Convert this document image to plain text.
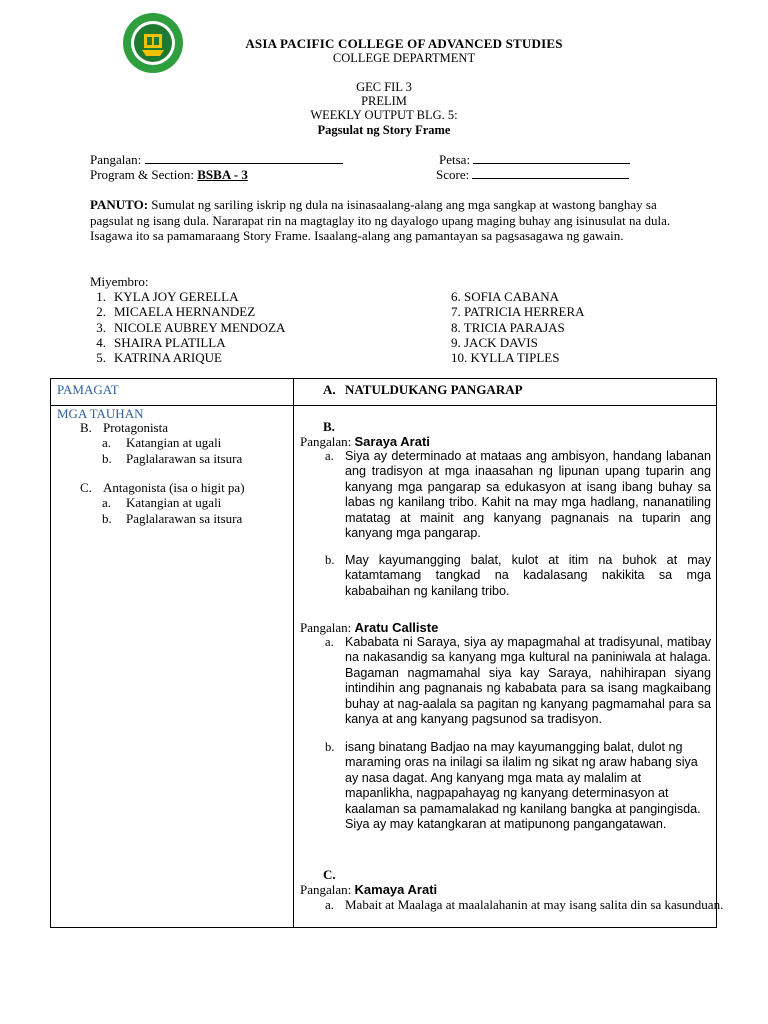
ASIA PACIFIC COLLEGE OF ADVANCED STUDIES
COLLEGE DEPARTMENT
GEC FIL 3
PRELIM
WEEKLY OUTPUT BLG. 5:
Pagsulat ng Story Frame
Pangalan:
Program & Section: BSBA - 3
Petsa:
Score:
PANUTO: Sumulat ng sariling iskrip ng dula na isinasaalang-alang ang mga sangkap at wastong banghay sa pagsulat ng isang dula. Nararapat rin na magtaglay ito ng dayalogo upang maging buhay ang isinusulat na dula. Isagawa ito sa pamamaraang Story Frame. Isaalang-alang ang pamantayan sa pagsasagawa ng gawain.
Miyembro:
1. KYLA JOY GERELLA
2. MICAELA HERNANDEZ
3. NICOLE AUBREY MENDOZA
4. SHAIRA PLATILLA
5. KATRINA ARIQUE
6. SOFIA CABANA
7. PATRICIA HERRERA
8. TRICIA PARAJAS
9. JACK DAVIS
10. KYLLA TIPLES
PAMAGAT	A. NATULDUKANG PANGARAP
MGA TAUHAN
B. Protagonista
a. Katangian at ugali
b. Paglalarawan sa itsura
C. Antagonista (isa o higit pa)
a. Katangian at ugali
b. Paglalarawan sa itsura
B.
Pangalan: Saraya Arati
a. Siya ay determinado at mataas ang ambisyon, handang labanan ang tradisyon at mga inaasahan ng lipunan upang tuparin ang kanyang mga pangarap sa edukasyon at isang ibang buhay sa labas ng kanilang tribo. Kahit na may mga hadlang, nananatiling matatag at mainit ang kanyang pagnanais na tuparin ang kanyang mga pangarap.
b. May kayumangging balat, kulot at itim na buhok at may katamtamang tangkad na kadalasang nakikita sa mga kababaihan ng kanilang tribo.
Pangalan: Aratu Calliste
a. Kababata ni Saraya, siya ay mapagmahal at tradisyunal, matibay na nakasandig sa kanyang mga kultural na paniniwala at halaga. Bagaman nagmamahal siya kay Saraya, nahihirapan siyang intindihin ang pagnanais ng kababata para sa isang magkaibang buhay at nag-aalala sa pagitan ng kanyang pagmamahal para sa kanya at ang kanyang pagsunod sa tradisyon.
b. isang binatang Badjao na may kayumangging balat, dulot ng maraming oras na inilagi sa ilalim ng sikat ng araw habang siya ay nasa dagat. Ang kanyang mga mata ay malalim at mapanlikha, nagpapahayag ng kanyang determinasyon at kaalaman sa pamamalakad ng kanilang bangka at pangingisda. Siya ay may katangkaran at matipunong pangangatawan.
C.
Pangalan: Kamaya Arati
a. Mabait at Maalaga at maalalahanin at may isang salita din sa kasunduan.
